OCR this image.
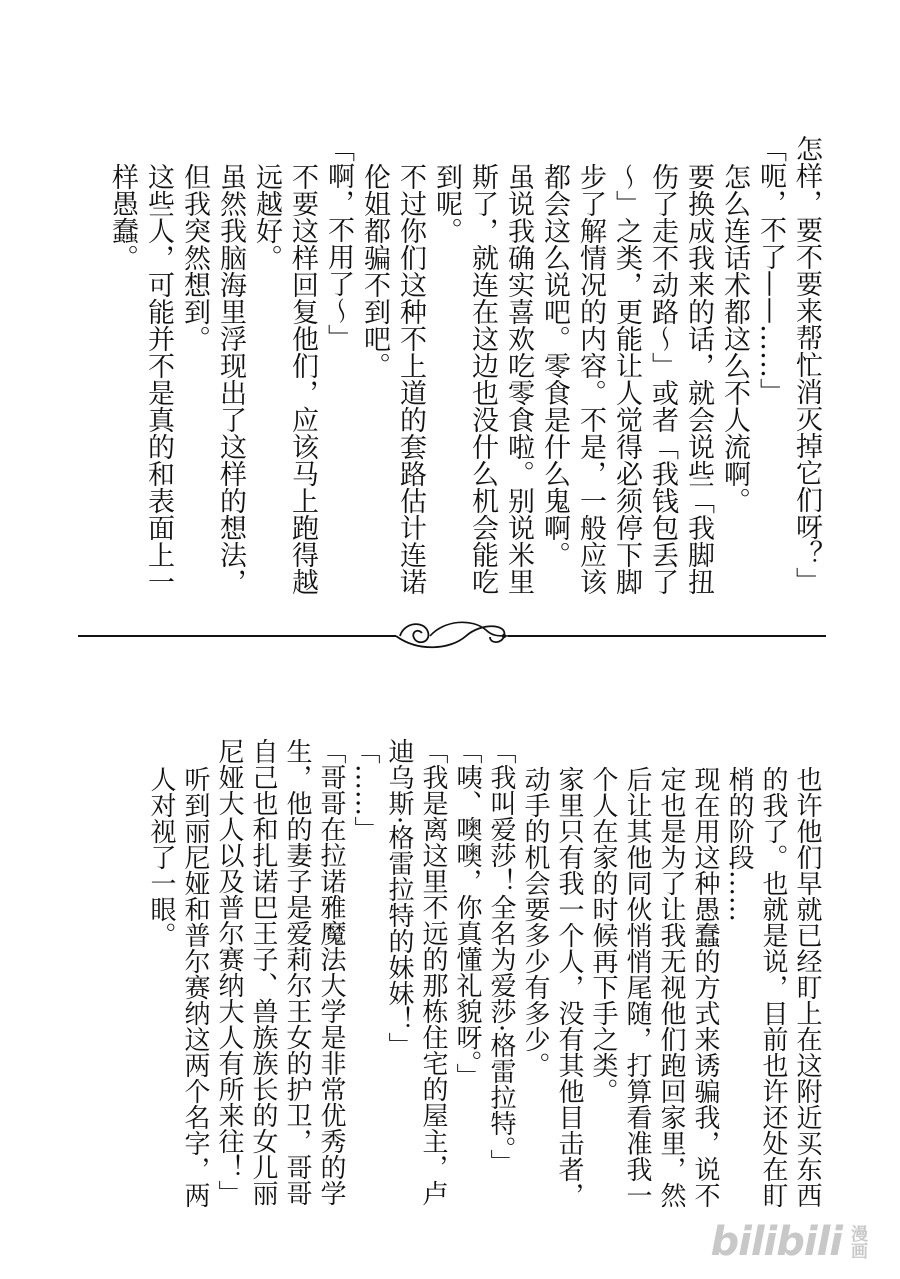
怎样，要不要来帮忙消灭掉它们呀？」

「呃，不了——……」

怎么连话术都这么不人流啊。

要换成我来的话，就会说些「我脚扭伤了走不动路～」或者「我钱包丢了～」之类，更能让人觉得必须停下脚步了解情况的内容。不是，一般应该都会这么说吧。零食是什么鬼啊。

虽说我确实喜欢吃零食啦。别说米里斯了，就连在这边也没什么机会能吃到呢。

不过你们这种不上道的套路估计连诺伦姐都骗不到吧。

「啊，不用了～」

不要这样回复他们，应该马上跑得越远越好。

虽然我脑海里浮现出了这样的想法，但我突然想到。

这些人，可能并不是真的和表面上一样愚蠢。

也许他们早就已经盯上在这附近买东西的我了。也就是说，目前也许还处在盯梢的阶段……

现在用这种愚蠢的方式来诱骗我，说不定也是为了让我无视他们跑回家里，然后让其他同伙悄悄尾随，打算看准我一个人在家的时候再下手之类。

家里只有我一个人，没有其他目击者，动手的机会要多少有多少。

「我叫爱莎！全名为爱莎·格雷拉特。」

「咦、噢噢，你真懂礼貌呀。」

「我是离这里不远的那栋住宅的屋主，卢迪乌斯·格雷拉特的妹妹！」

「……」

「哥哥在拉诺雅魔法大学是非常优秀的学生，他的妻子是爱莉尔王女的护卫，哥哥自己也和扎诺巴王子、兽族族长的女儿丽尼娅大人以及普尔赛纳大人有所来往！」

听到丽尼娅和普尔赛纳这两个名字，两人对视了一眼。

bilibili 漫画
